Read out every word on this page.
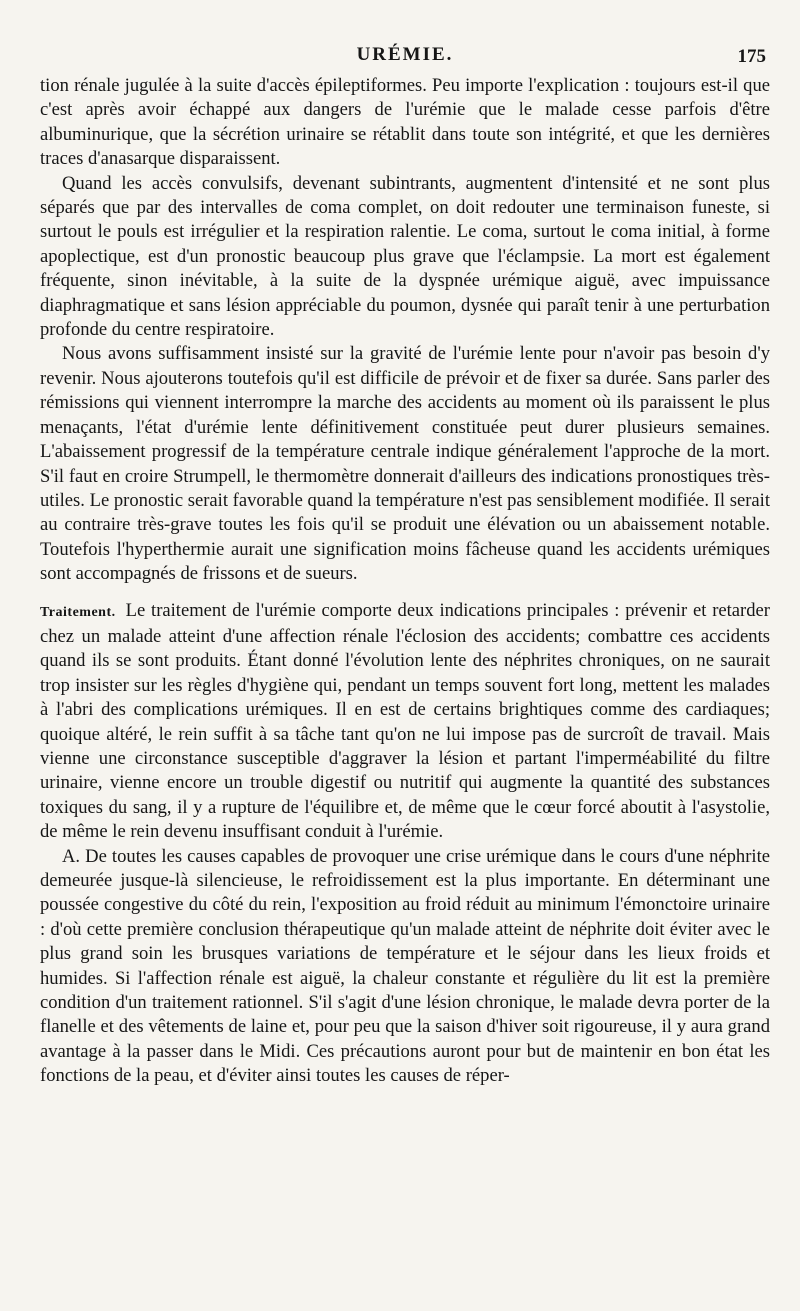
URÉMIE.	175

tion rénale jugulée à la suite d'accès épileptiformes. Peu importe l'explication : toujours est-il que c'est après avoir échappé aux dangers de l'urémie que le malade cesse parfois d'être albuminurique, que la sécrétion urinaire se rétablit dans toute son intégrité, et que les dernières traces d'anasarque disparaissent.

Quand les accès convulsifs, devenant subintrants, augmentent d'intensité et ne sont plus séparés que par des intervalles de coma complet, on doit redouter une terminaison funeste, si surtout le pouls est irrégulier et la respiration ralentie. Le coma, surtout le coma initial, à forme apoplectique, est d'un pronostic beaucoup plus grave que l'éclampsie. La mort est également fréquente, sinon inévitable, à la suite de la dyspnée urémique aiguë, avec impuissance diaphragmatique et sans lésion appréciable du poumon, dysnée qui paraît tenir à une perturbation profonde du centre respiratoire.

Nous avons suffisamment insisté sur la gravité de l'urémie lente pour n'avoir pas besoin d'y revenir. Nous ajouterons toutefois qu'il est difficile de prévoir et de fixer sa durée. Sans parler des rémissions qui viennent interrompre la marche des accidents au moment où ils paraissent le plus menaçants, l'état d'urémie lente définitivement constituée peut durer plusieurs semaines. L'abaissement progressif de la température centrale indique généralement l'approche de la mort. S'il faut en croire Strumpell, le thermomètre donnerait d'ailleurs des indications pronostiques très-utiles. Le pronostic serait favorable quand la température n'est pas sensiblement modifiée. Il serait au contraire très-grave toutes les fois qu'il se produit une élévation ou un abaissement notable. Toutefois l'hyperthermie aurait une signification moins fâcheuse quand les accidents urémiques sont accompagnés de frissons et de sueurs.

Traitement. Le traitement de l'urémie comporte deux indications principales : prévenir et retarder chez un malade atteint d'une affection rénale l'éclosion des accidents; combattre ces accidents quand ils se sont produits. Étant donné l'évolution lente des néphrites chroniques, on ne saurait trop insister sur les règles d'hygiène qui, pendant un temps souvent fort long, mettent les malades à l'abri des complications urémiques. Il en est de certains brightiques comme des cardiaques; quoique altéré, le rein suffit à sa tâche tant qu'on ne lui impose pas de surcroît de travail. Mais vienne une circonstance susceptible d'aggraver la lésion et partant l'imperméabilité du filtre urinaire, vienne encore un trouble digestif ou nutritif qui augmente la quantité des substances toxiques du sang, il y a rupture de l'équilibre et, de même que le cœur forcé aboutit à l'asystolie, de même le rein devenu insuffisant conduit à l'urémie.

A. De toutes les causes capables de provoquer une crise urémique dans le cours d'une néphrite demeurée jusque-là silencieuse, le refroidissement est la plus importante. En déterminant une poussée congestive du côté du rein, l'exposition au froid réduit au minimum l'émonctoire urinaire : d'où cette première conclusion thérapeutique qu'un malade atteint de néphrite doit éviter avec le plus grand soin les brusques variations de température et le séjour dans les lieux froids et humides. Si l'affection rénale est aiguë, la chaleur constante et régulière du lit est la première condition d'un traitement rationnel. S'il s'agit d'une lésion chronique, le malade devra porter de la flanelle et des vêtements de laine et, pour peu que la saison d'hiver soit rigoureuse, il y aura grand avantage à la passer dans le Midi. Ces précautions auront pour but de maintenir en bon état les fonctions de la peau, et d'éviter ainsi toutes les causes de réper-
